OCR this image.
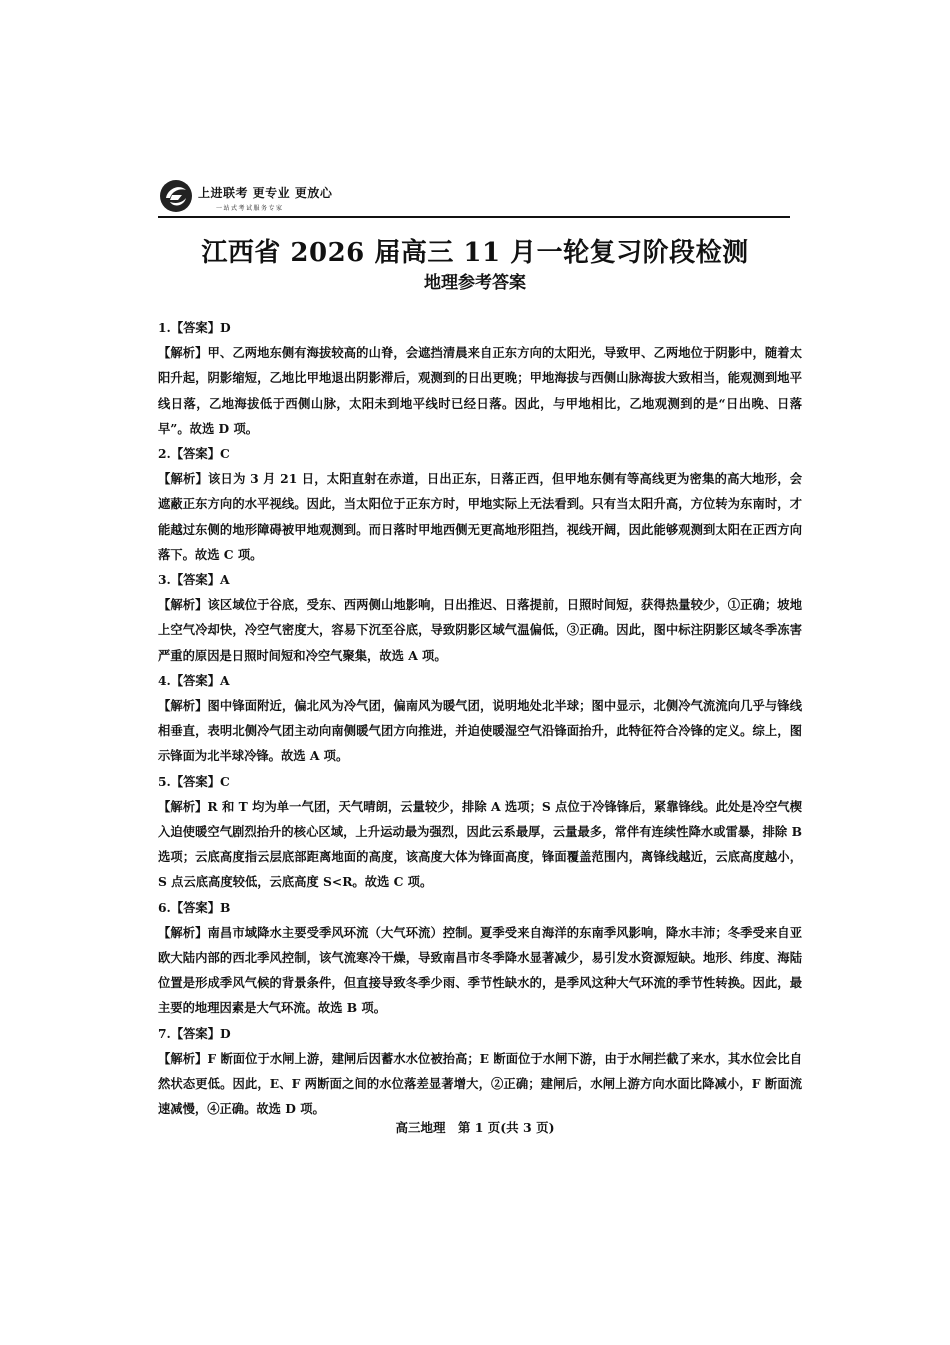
上进联考 更专业 更放心
一站式考试服务专家
江西省 2026 届高三 11 月一轮复习阶段检测
地理参考答案
1.【答案】D
【解析】甲、乙两地东侧有海拔较高的山脊，会遮挡清晨来自正东方向的太阳光，导致甲、乙两地位于阴影中，随着太阳升起，阴影缩短，乙地比甲地退出阴影滞后，观测到的日出更晚；甲地海拔与西侧山脉海拔大致相当，能观测到地平线日落，乙地海拔低于西侧山脉，太阳未到地平线时已经日落。因此，与甲地相比，乙地观测到的是“日出晚、日落早”。故选 D 项。
2.【答案】C
【解析】该日为 3 月 21 日，太阳直射在赤道，日出正东，日落正西，但甲地东侧有等高线更为密集的高大地形，会遮蔽正东方向的水平视线。因此，当太阳位于正东方时，甲地实际上无法看到。只有当太阳升高，方位转为东南时，才能越过东侧的地形障碍被甲地观测到。而日落时甲地西侧无更高地形阻挡，视线开阔，因此能够观测到太阳在正西方向落下。故选 C 项。
3.【答案】A
【解析】该区域位于谷底，受东、西两侧山地影响，日出推迟、日落提前，日照时间短，获得热量较少，①正确；坡地上空气冷却快，冷空气密度大，容易下沉至谷底，导致阴影区域气温偏低，③正确。因此，图中标注阴影区域冬季冻害严重的原因是日照时间短和冷空气聚集，故选 A 项。
4.【答案】A
【解析】图中锋面附近，偏北风为冷气团，偏南风为暖气团，说明地处北半球；图中显示，北侧冷气流流向几乎与锋线相垂直，表明北侧冷气团主动向南侧暖气团方向推进，并迫使暖湿空气沿锋面抬升，此特征符合冷锋的定义。综上，图示锋面为北半球冷锋。故选 A 项。
5.【答案】C
【解析】R 和 T 均为单一气团，天气晴朗，云量较少，排除 A 选项；S 点位于冷锋锋后，紧靠锋线。此处是冷空气楔入迫使暖空气剧烈抬升的核心区域，上升运动最为强烈，因此云系最厚，云量最多，常伴有连续性降水或雷暴，排除 B 选项；云底高度指云层底部距离地面的高度，该高度大体为锋面高度，锋面覆盖范围内，离锋线越近，云底高度越小，S 点云底高度较低，云底高度 S<R。故选 C 项。
6.【答案】B
【解析】南昌市域降水主要受季风环流（大气环流）控制。夏季受来自海洋的东南季风影响，降水丰沛；冬季受来自亚欧大陆内部的西北季风控制，该气流寒冷干燥，导致南昌市冬季降水显著减少，易引发水资源短缺。地形、纬度、海陆位置是形成季风气候的背景条件，但直接导致冬季少雨、季节性缺水的，是季风这种大气环流的季节性转换。因此，最主要的地理因素是大气环流。故选 B 项。
7.【答案】D
【解析】F 断面位于水闸上游，建闸后因蓄水水位被抬高；E 断面位于水闸下游，由于水闸拦截了来水，其水位会比自然状态更低。因此，E、F 两断面之间的水位落差显著增大，②正确；建闸后，水闸上游方向水面比降减小，F 断面流速减慢，④正确。故选 D 项。
高三地理 第 1 页(共 3 页)
